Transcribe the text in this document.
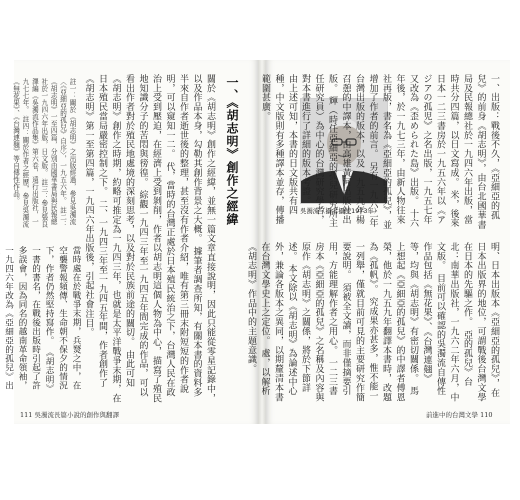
註一：關於《胡志明》之出版經過，參見吳濁流〈《亞細亞的孤兒》自序〉，一九五六年。 註二：《胡志明》一至四篇，分別由國華書局與民報總社於一九四六年出版，日文版。 註三：參見張良澤編《吳濁流作品集》第六卷，遠行出版社，一九七七年。 註四：關於作者之經歷，參見吳濁流《無花果》、《台灣連翹》等自傳性作品。
當時處在於戰爭末期，兵燹之中，在空襲警報頻傳、生命朝不保夕的情況下，作者仍然堅持寫作。 《胡志明》一書的書名，在戰後出版時引起了許多誤會，因為同名的越南革命領袖，一九四六年改為《亞細亞的孤兒》出	關於《胡志明》創作之經緯，並無一篇文章直接說明，因此只能從零星記錄中，以及作品本身，勾勒其創作背景之大概。 據筆者調查所知，有關本書的資料多半來自作者逝世後的整理，甚至沒有作者介紹，唯有第三冊末附短短的作者說明，可以窺知一二。 代，當時的台灣正處於日本殖民統治之下，台灣人民在政治上受到壓迫，在經濟上受到剝削，作者以胡志明這個人物為中心，描寫了殖民地知識分子的苦悶與徬徨。 綜觀一九四三年至一九四五年間完成的作品，可以看出作者對於殖民地處境的深刻思考，以及對於民族前途的關切。 由此可知《胡志明》創作之時期，約略可推定為一九四三年，也就是太平洋戰爭末期，在日本殖民當局嚴密控制之下。 二、一九四三年至一九四五年間，作者創作了《胡志明》第一至第四篇，一九四六年出版後，引起社會注目。	一、《胡志明》創作之經緯
111 吳濁流長篇小說的創作與翻譯
吳濁流（攝者攝於1973年）	一、出版：戰後不久，《亞細亞的孤兒》的前身《胡志明》，由台北國華書局及民報總社於一九四六年出版，當時共分四篇，以日文寫成。 米，後來日本一二三書房於一九五六年以《アジアの孤児》之名出版，一九五七年又改為《歪められた島》出版。 十六年後，於一九七三年，由新人物往來社再版，書名為《亞細亞的孤兒》，並增加了作者的前言。 另有一九六二年台灣出版的版本，以及一九五九年楊召憩的中譯本，由高雄黃河出版社出版。 輝（時任亞細亞的孤兒研究所主任研究員）為中心的台灣研究學者，對本書進行了詳細的版本考證。
由上述可知，本書的日文版共有四種，中文版則有多種譯本並存，傳播範圍甚廣。
明、日本出版本《亞細亞的孤兒》，在日本出版界的地位，可謂戰後台灣文學在日本的先驅之作。 亞的孤兒》台北：南華出版社，一九六二年六月，中文版。 目前可以確認的吳濁流自傳性作品包括《無花果》、《台灣連翹》等，均與《胡志明》有密切關係。 馬上想起《亞細亞的孤兒》的中譯者傅恩榮，他於一九五九年翻譯本書時，改題為《孤帆》。 究成果亦甚多，惟不能一一列舉，僅就目前可見的主要研究作簡要說明。 須被全文讀，而非僅摘要引用，方能理解作者之用心。 一二三書房本《亞細亞的孤兒》之名稱及內容與原作《胡志明》之關係，將於下節詳述。 本文除以《胡志明》為論述中心外，兼論各版本之異同，以期釐清本書在台灣文學史上之定位。 處，以解析《胡志明》作品中的主題意識。
前進中的台灣文學 110
